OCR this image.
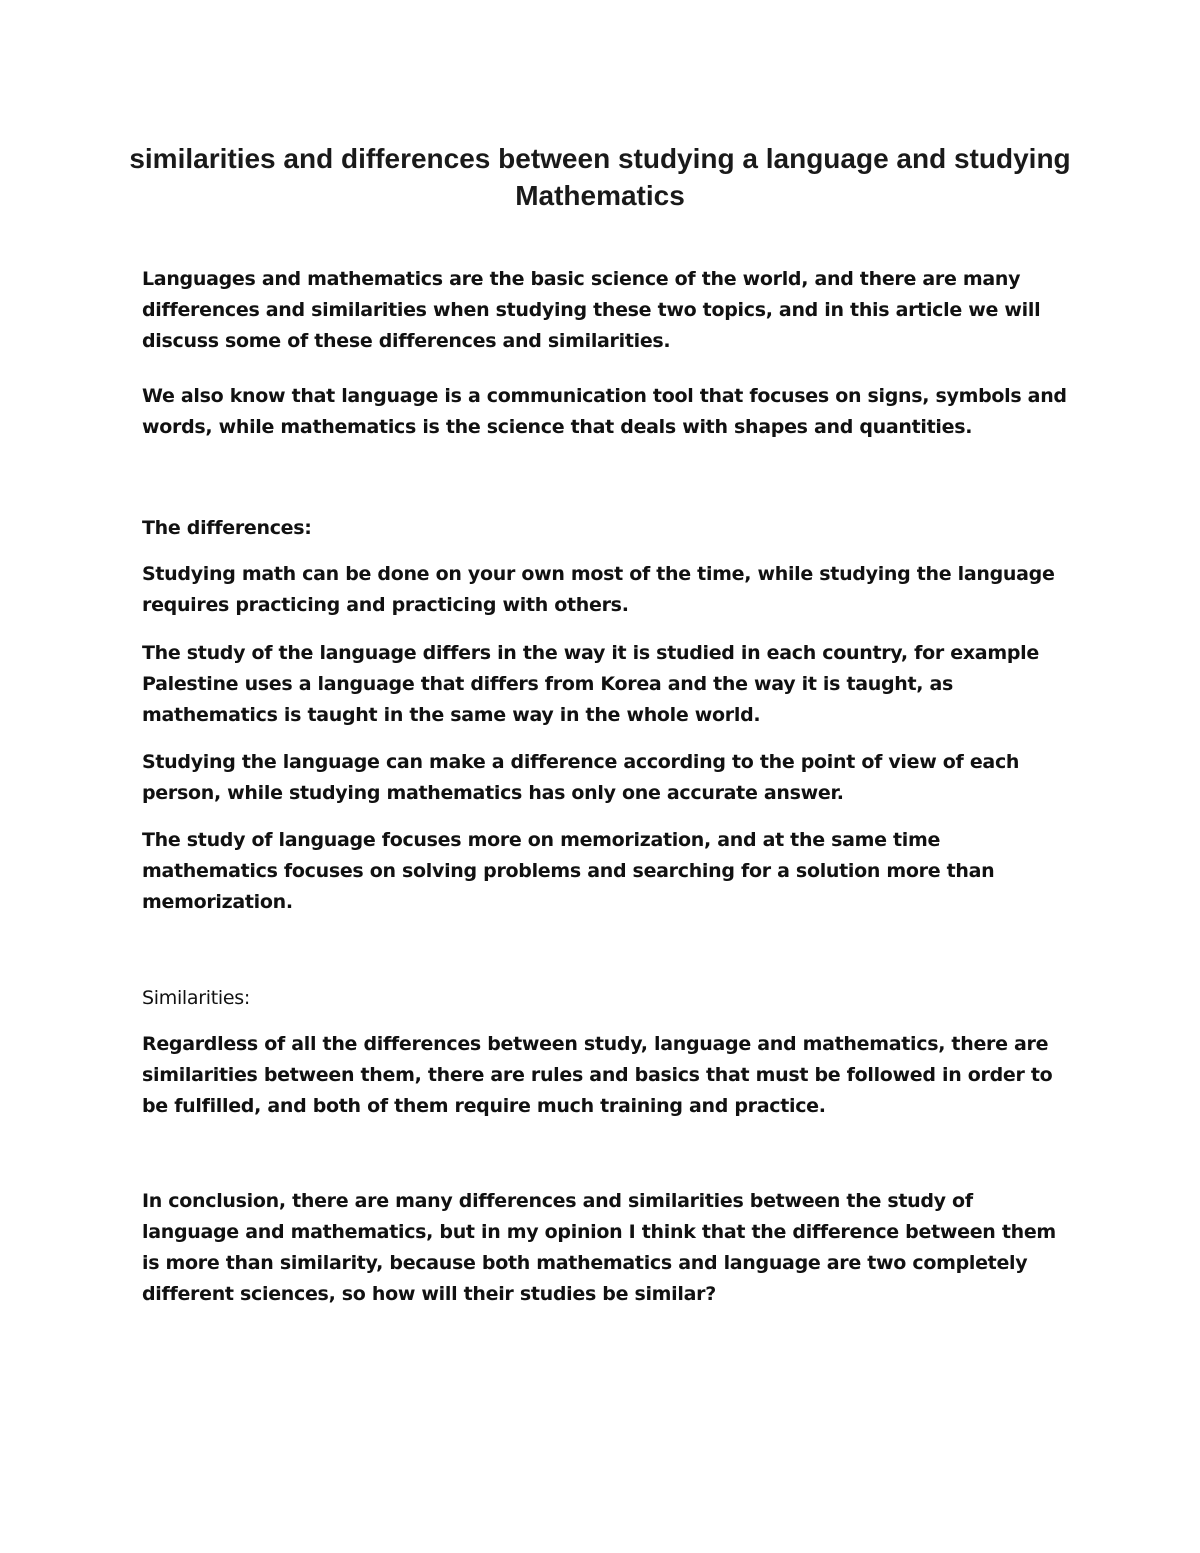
similarities and differences between studying a language and studying Mathematics

Languages and mathematics are the basic science of the world, and there are many differences and similarities when studying these two topics, and in this article we will discuss some of these differences and similarities.

We also know that language is a communication tool that focuses on signs, symbols and words, while mathematics is the science that deals with shapes and quantities.

The differences:

Studying math can be done on your own most of the time, while studying the language requires practicing and practicing with others.

The study of the language differs in the way it is studied in each country, for example Palestine uses a language that differs from Korea and the way it is taught, as mathematics is taught in the same way in the whole world.

Studying the language can make a difference according to the point of view of each person, while studying mathematics has only one accurate answer.

The study of language focuses more on memorization, and at the same time mathematics focuses on solving problems and searching for a solution more than memorization.

Similarities:

Regardless of all the differences between study, language and mathematics, there are similarities between them, there are rules and basics that must be followed in order to be fulfilled, and both of them require much training and practice.

In conclusion, there are many differences and similarities between the study of language and mathematics, but in my opinion I think that the difference between them is more than similarity, because both mathematics and language are two completely different sciences, so how will their studies be similar?
